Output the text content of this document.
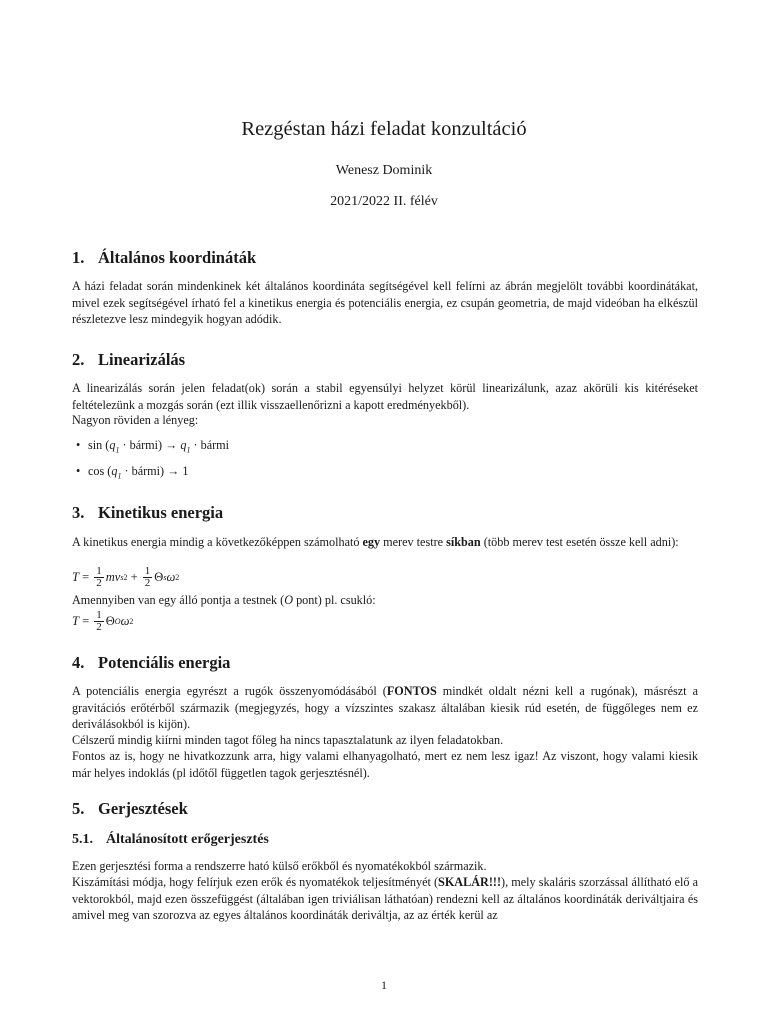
Rezgéstan házi feladat konzultáció
Wenesz Dominik
2021/2022 II. félév
1. Általános koordináták

A házi feladat során mindenkinek két általános koordináta segítségével kell felírni az ábrán megjelölt további koordinátákat, mivel ezek segítségével írható fel a kinetikus energia és potenciális energia, ez csupán geometria, de majd videóban ha elkészül részletezve lesz mindegyik hogyan adódik.

2. Linearizálás

A linearizálás során jelen feladat(ok) során a stabil egyensúlyi helyzet körül linearizálunk, azaz akörüli kis kitéréseket feltételezünk a mozgás során (ezt illik visszaellenőrizni a kapott eredményekből).

Nagyon röviden a lényeg:

• $\sin (q_1$ · bármi) → $q_1$ · bármi
• $\cos (q_1$ · bármi) → 1
3. Kinetikus energia

A kinetikus energia mindig a következőképpen számolható egy merev testre síkban (több merev test esetén össze kell adni):

$T = \frac{1}{2}$ m v s $2 + \frac{1}{2}$ Θ s ω 2

Amennyiben van egy álló pontja a testnek (O pont) pl. csukló:

$T = \frac{1}{2}$ Θ O ω 2
4. Potenciális energia

A potenciális energia egyrészt a rugók összenyomódásából (FONTOS mindkét oldalt nézni kell a rugónak), másrészt a gravitációs erőtérből származik (megjegyzés, hogy a vízszintes szakasz általában kiesik rúd esetén, de függőleges nem ez deriválásokból is kijön).

Célszerű mindig kiírni minden tagot főleg ha nincs tapasztalatunk az ilyen feladatokban.

Fontos az is, hogy ne hivatkozzunk arra, higy valami elhanyagolható, mert ez nem lesz igaz! Az viszont, hogy valami kiesik már helyes indoklás (pl időtől független tagok gerjesztésnél).

5. Gerjesztések
5.1. Általánosított erőgerjesztés

Ezen gerjesztési forma a rendszerre ható külső erőkből és nyomatékokból származik.

Kiszámítási módja, hogy felírjuk ezen erők és nyomatékok teljesítményét (SKALÁR!!!), mely skaláris szorzással állítható elő a vektorokból, majd ezen összefüggést (általában igen triviálisan láthatóan) rendezni kell az általános koordináták deriváltjaira és amivel meg van szorozva az egyes általános koordináták deriváltja, az az érték kerül az

1
